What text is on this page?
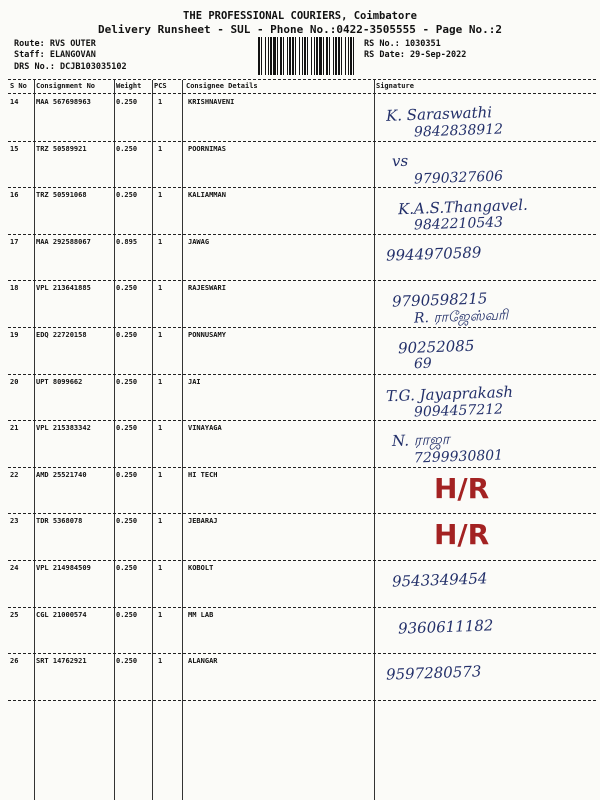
THE PROFESSIONAL COURIERS, Coimbatore
Delivery Runsheet - SUL - Phone No.:0422-3505555 - Page No.:2
Route: RVS OUTER
Staff: ELANGOVAN
DRS No.: DCJB103035102
RS No.: 1030351
RS Date: 29-Sep-2022
S No Consignment No	Weight PCS	Consignee Details	Signature
14	MAA 567698963	0.250	1	KRISHNAVENI
K. Saraswathi
9842838912
15	TRZ 50589921	0.250	1	POORNIMAS
vs
9790327606
16	TRZ 50591068	0.250	1	KALIAMMAN
K.A.S.Thangavel.
9842210543
17	MAA 292588067	0.895	1	JAWAG
9944970589
18	VPL 213641885	0.250	1	RAJESWARI
9790598215
R. ராஜேஸ்வரி
19	EDQ 22720158	0.250	1	PONNUSAMY
90252085
69
20	UPT 8099662	0.250	1	JAI
T.G. Jayaprakash
9094457212
21	VPL 215383342	0.250	1	VINAYAGA
N. ராஜா
7299930801
22	AMD 25521740	0.250	1	HI TECH	H/R
23	TDR 5368078	0.250	1	JEBARAJ	H/R
24	VPL 214984509	0.250	1	KOBOLT
9543349454
25	CGL 21000574	0.250	1	MM LAB
9360611182
26	SRT 14762921	0.250	1	ALANGAR
9597280573
